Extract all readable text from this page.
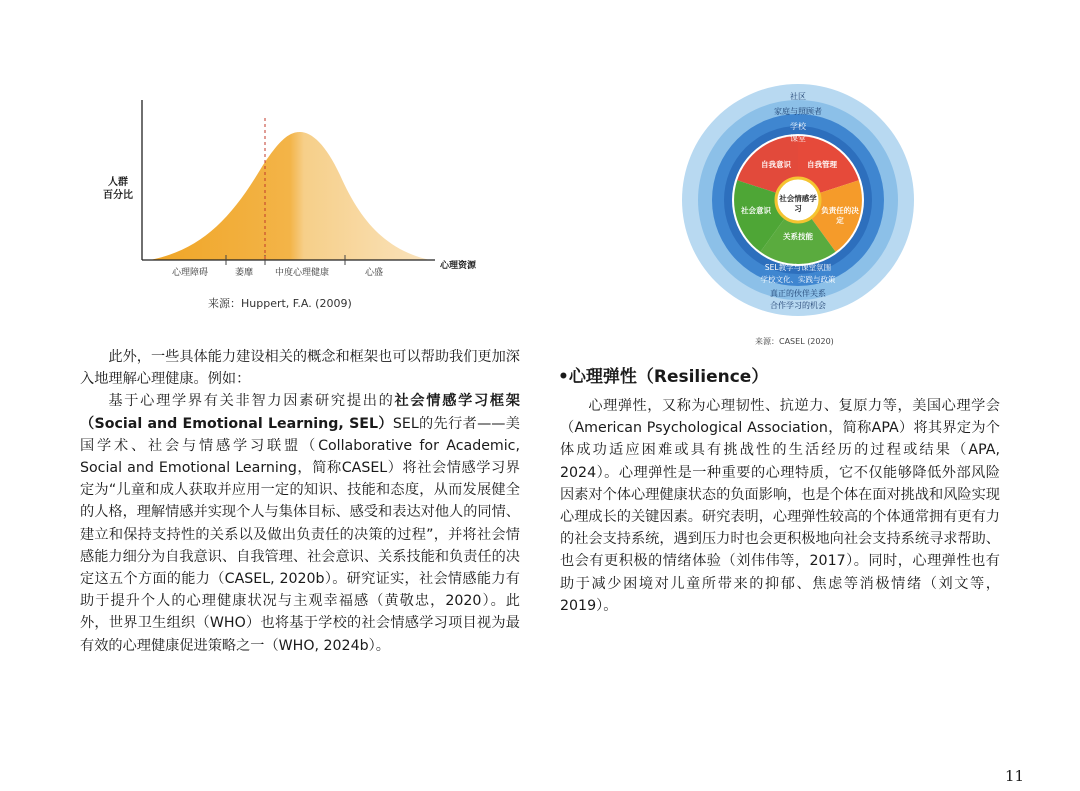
人群
百分比
心理资源
心理障碍	萎靡 中度心理健康	心盛
来源：Huppert, F.A. (2009)
社区
家庭与照顾者
学校
课堂
自我意识	自我管理
社会意识
关系技能
负责任的决定
社会情感学习
SEL教学与课堂氛围
学校文化、实践与政策
真正的伙伴关系
合作学习的机会
来源：CASEL (2020)

此外，一些具体能力建设相关的概念和框架也可以帮助我们更加深入地理解心理健康。例如：

基于心理学界有关非智力因素研究提出的社会情感学习框架（Social and Emotional Learning, SEL）SEL的先行者——美国学术、社会与情感学习联盟（Collaborative for Academic, Social and Emotional Learning，简称CASEL）将社会情感学习界定为“儿童和成人获取并应用一定的知识、技能和态度，从而发展健全的人格，理解情感并实现个人与集体目标、感受和表达对他人的同情、建立和保持支持性的关系以及做出负责任的决策的过程”，并将社会情感能力细分为自我意识、自我管理、社会意识、关系技能和负责任的决定这五个方面的能力（CASEL, 2020b）。研究证实，社会情感能力有助于提升个人的心理健康状况与主观幸福感（黄敬忠，2020）。此外，世界卫生组织（WHO）也将基于学校的社会情感学习项目视为最有效的心理健康促进策略之一（WHO, 2024b）。

•心理弹性（Resilience）

心理弹性，又称为心理韧性、抗逆力、复原力等，美国心理学会（American Psychological Association，简称APA）将其界定为个体成功适应困难或具有挑战性的生活经历的过程或结果（APA, 2024）。心理弹性是一种重要的心理特质，它不仅能够降低外部风险因素对个体心理健康状态的负面影响，也是个体在面对挑战和风险实现心理成长的关键因素。研究表明，心理弹性较高的个体通常拥有更有力的社会支持系统，遇到压力时也会更积极地向社会支持系统寻求帮助、也会有更积极的情绪体验（刘伟伟等，2017）。同时，心理弹性也有助于减少困境对儿童所带来的抑郁、焦虑等消极情绪（刘文等，2019）。

11
